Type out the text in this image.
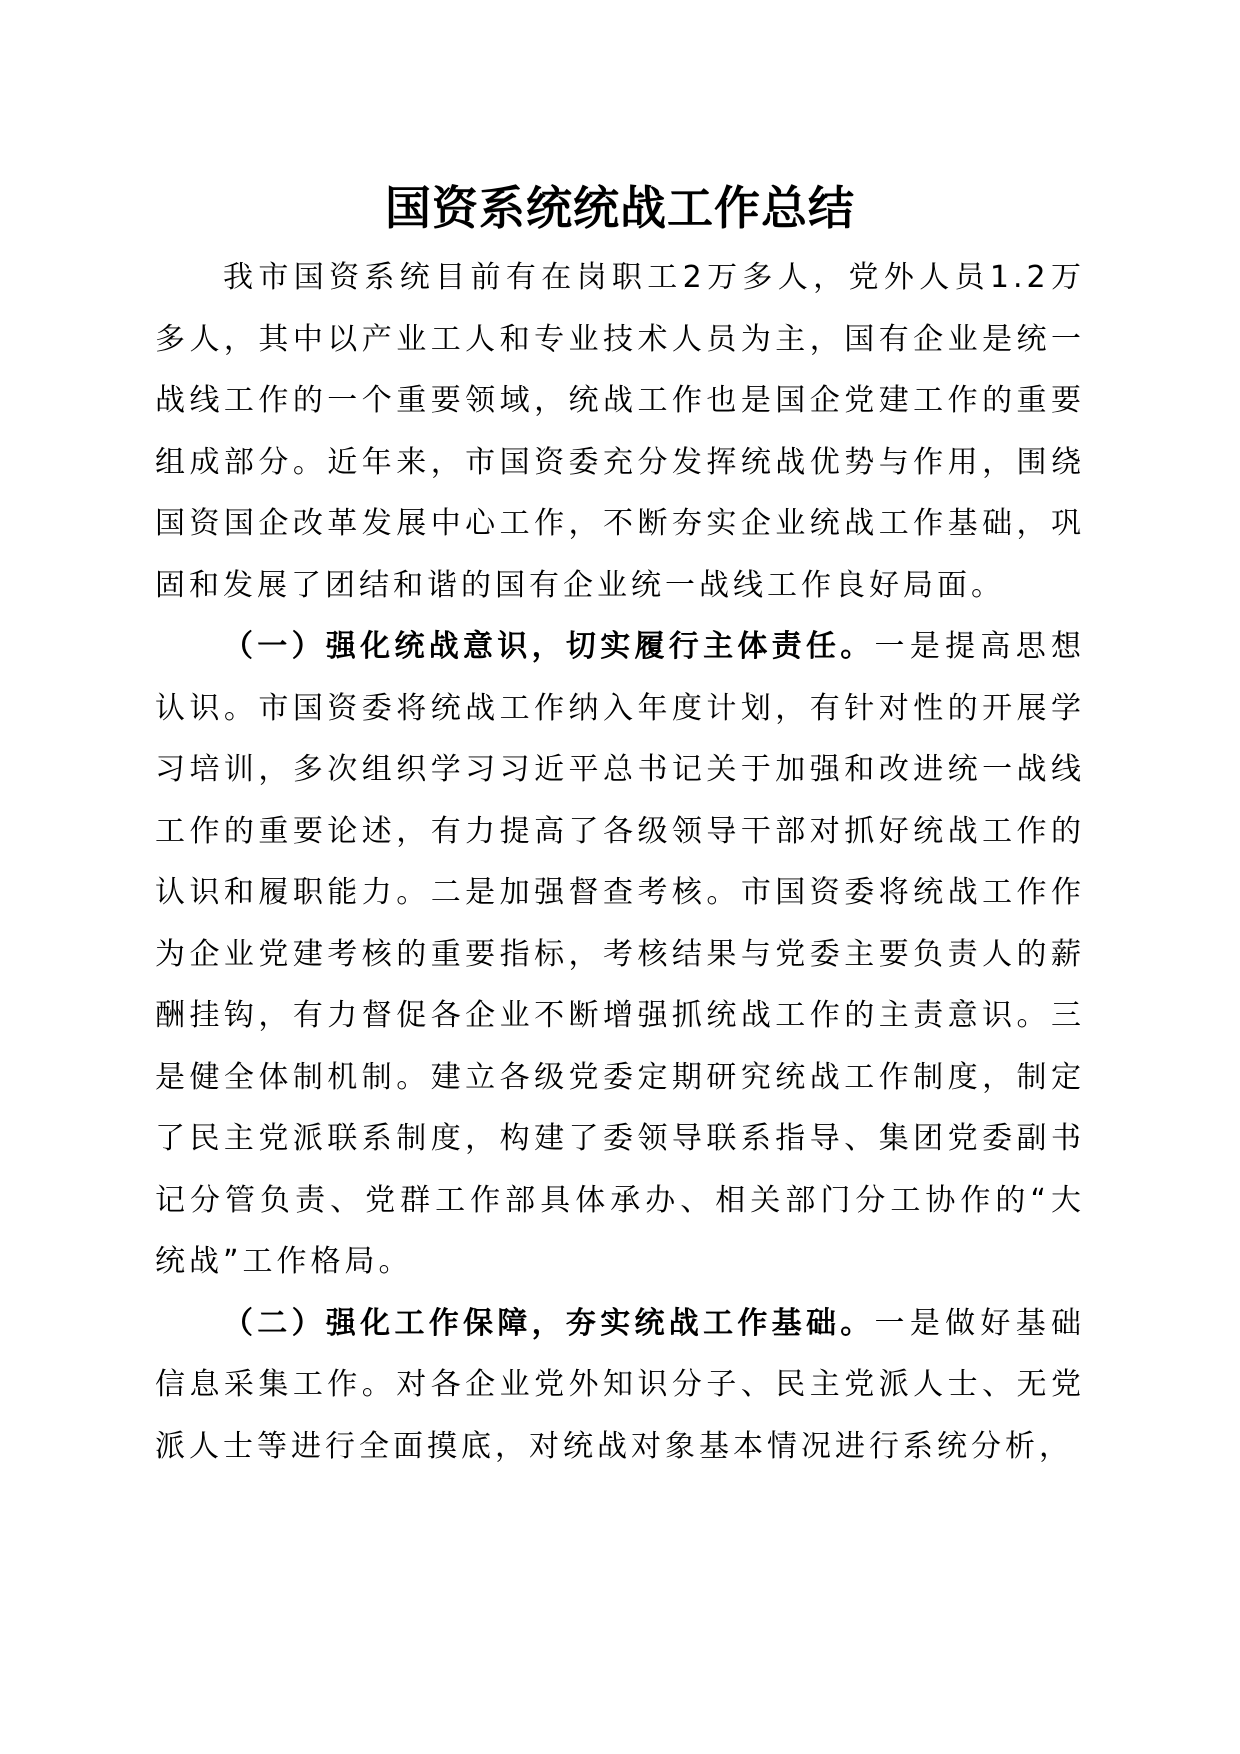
国资系统统战工作总结

我市国资系统目前有在岗职工2万多人，党外人员1.2万多人，其中以产业工人和专业技术人员为主，国有企业是统一战线工作的一个重要领域，统战工作也是国企党建工作的重要组成部分。近年来，市国资委充分发挥统战优势与作用，围绕国资国企改革发展中心工作，不断夯实企业统战工作基础，巩固和发展了团结和谐的国有企业统一战线工作良好局面。

（一）强化统战意识，切实履行主体责任。一是提高思想认识。市国资委将统战工作纳入年度计划，有针对性的开展学习培训，多次组织学习习近平总书记关于加强和改进统一战线工作的重要论述，有力提高了各级领导干部对抓好统战工作的认识和履职能力。二是加强督查考核。市国资委将统战工作作为企业党建考核的重要指标，考核结果与党委主要负责人的薪酬挂钩，有力督促各企业不断增强抓统战工作的主责意识。三是健全体制机制。建立各级党委定期研究统战工作制度，制定了民主党派联系制度，构建了委领导联系指导、集团党委副书记分管负责、党群工作部具体承办、相关部门分工协作的“大统战”工作格局。

（二）强化工作保障，夯实统战工作基础。一是做好基础信息采集工作。对各企业党外知识分子、民主党派人士、无党派人士等进行全面摸底，对统战对象基本情况进行系统分析，
